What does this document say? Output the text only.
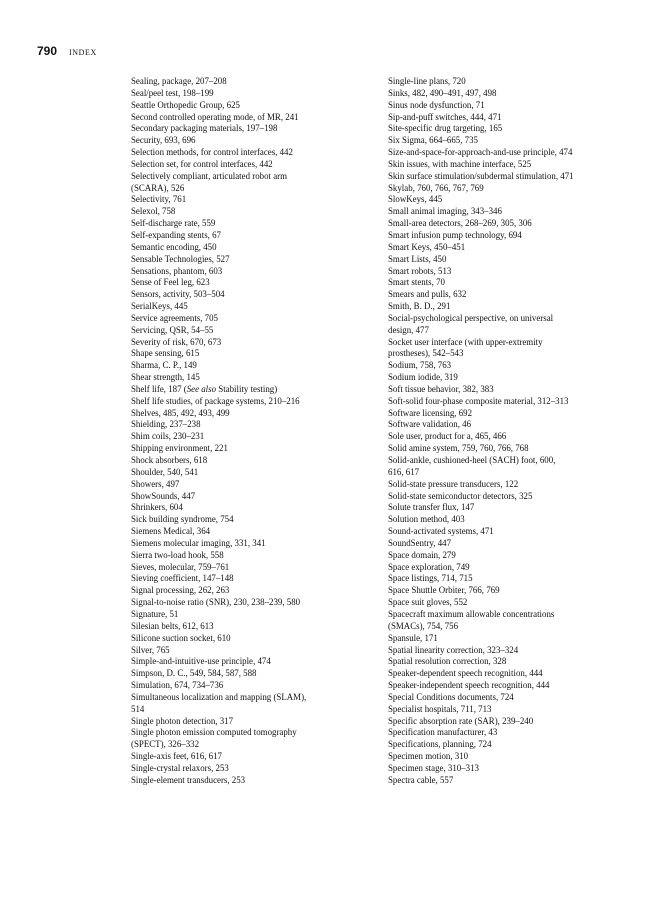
790 INDEX
Sealing, package, 207–208
Seal/peel test, 198–199
Seattle Orthopedic Group, 625
Second controlled operating mode, of MR, 241
Secondary packaging materials, 197–198
Security, 693, 696
Selection methods, for control interfaces, 442
Selection set, for control interfaces, 442
Selectively compliant, articulated robot arm
(SCARA), 526
Selectivity, 761
Selexol, 758
Self-discharge rate, 559
Self-expanding stents, 67
Semantic encoding, 450
Sensable Technologies, 527
Sensations, phantom, 603
Sense of Feel leg, 623
Sensors, activity, 503–504
SerialKeys, 445
Service agreements, 705
Servicing, QSR, 54–55
Severity of risk, 670, 673
Shape sensing, 615
Sharma, C. P., 149
Shear strength, 145
Shelf life, 187 (See also Stability testing)
Shelf life studies, of package systems, 210–216
Shelves, 485, 492, 493, 499
Shielding, 237–238
Shim coils, 230–231
Shipping environment, 221
Shock absorbers, 618
Shoulder, 540, 541
Showers, 497
ShowSounds, 447
Shrinkers, 604
Sick building syndrome, 754
Siemens Medical, 364
Siemens molecular imaging, 331, 341
Sierra two-load hook, 558
Sieves, molecular, 759–761
Sieving coefficient, 147–148
Signal processing, 262, 263
Signal-to-noise ratio (SNR), 230, 238–239, 580
Signature, 51
Silesian belts, 612, 613
Silicone suction socket, 610
Silver, 765
Simple-and-intuitive-use principle, 474
Simpson, D. C., 549, 584, 587, 588
Simulation, 674, 734–736
Simultaneous localization and mapping (SLAM),
514
Single photon detection, 317
Single photon emission computed tomography
(SPECT), 326–332
Single-axis feet, 616, 617
Single-crystal relaxors, 253
Single-element transducers, 253
Single-line plans, 720
Sinks, 482, 490–491, 497, 498
Sinus node dysfunction, 71
Sip-and-puff switches, 444, 471
Site-specific drug targeting, 165
Six Sigma, 664–665, 735
Size-and-space-for-approach-and-use principle, 474
Skin issues, with machine interface, 525
Skin surface stimulation/subdermal stimulation, 471
Skylab, 760, 766, 767, 769
SlowKeys, 445
Small animal imaging, 343–346
Small-area detectors, 268–269, 305, 306
Smart infusion pump technology, 694
Smart Keys, 450–451
Smart Lists, 450
Smart robots, 513
Smart stents, 70
Smears and pulls, 632
Smith, B. D., 291
Social-psychological perspective, on universal
design, 477
Socket user interface (with upper-extremity
prostheses), 542–543
Sodium, 758, 763
Sodium iodide, 319
Soft tissue behavior, 382, 383
Soft-solid four-phase composite material, 312–313
Software licensing, 692
Software validation, 46
Sole user, product for a, 465, 466
Solid amine system, 759, 760, 766, 768
Solid-ankle, cushioned-heel (SACH) foot, 600,
616, 617
Solid-state pressure transducers, 122
Solid-state semiconductor detectors, 325
Solute transfer flux, 147
Solution method, 403
Sound-activated systems, 471
SoundSentry, 447
Space domain, 279
Space exploration, 749
Space listings, 714, 715
Space Shuttle Orbiter, 766, 769
Space suit gloves, 552
Spacecraft maximum allowable concentrations
(SMACs), 754, 756
Spansule, 171
Spatial linearity correction, 323–324
Spatial resolution correction, 328
Speaker-dependent speech recognition, 444
Speaker-independent speech recognition, 444
Special Conditions documents, 724
Specialist hospitals, 711, 713
Specific absorption rate (SAR), 239–240
Specification manufacturer, 43
Specifications, planning, 724
Specimen motion, 310
Specimen stage, 310–313
Spectra cable, 557
